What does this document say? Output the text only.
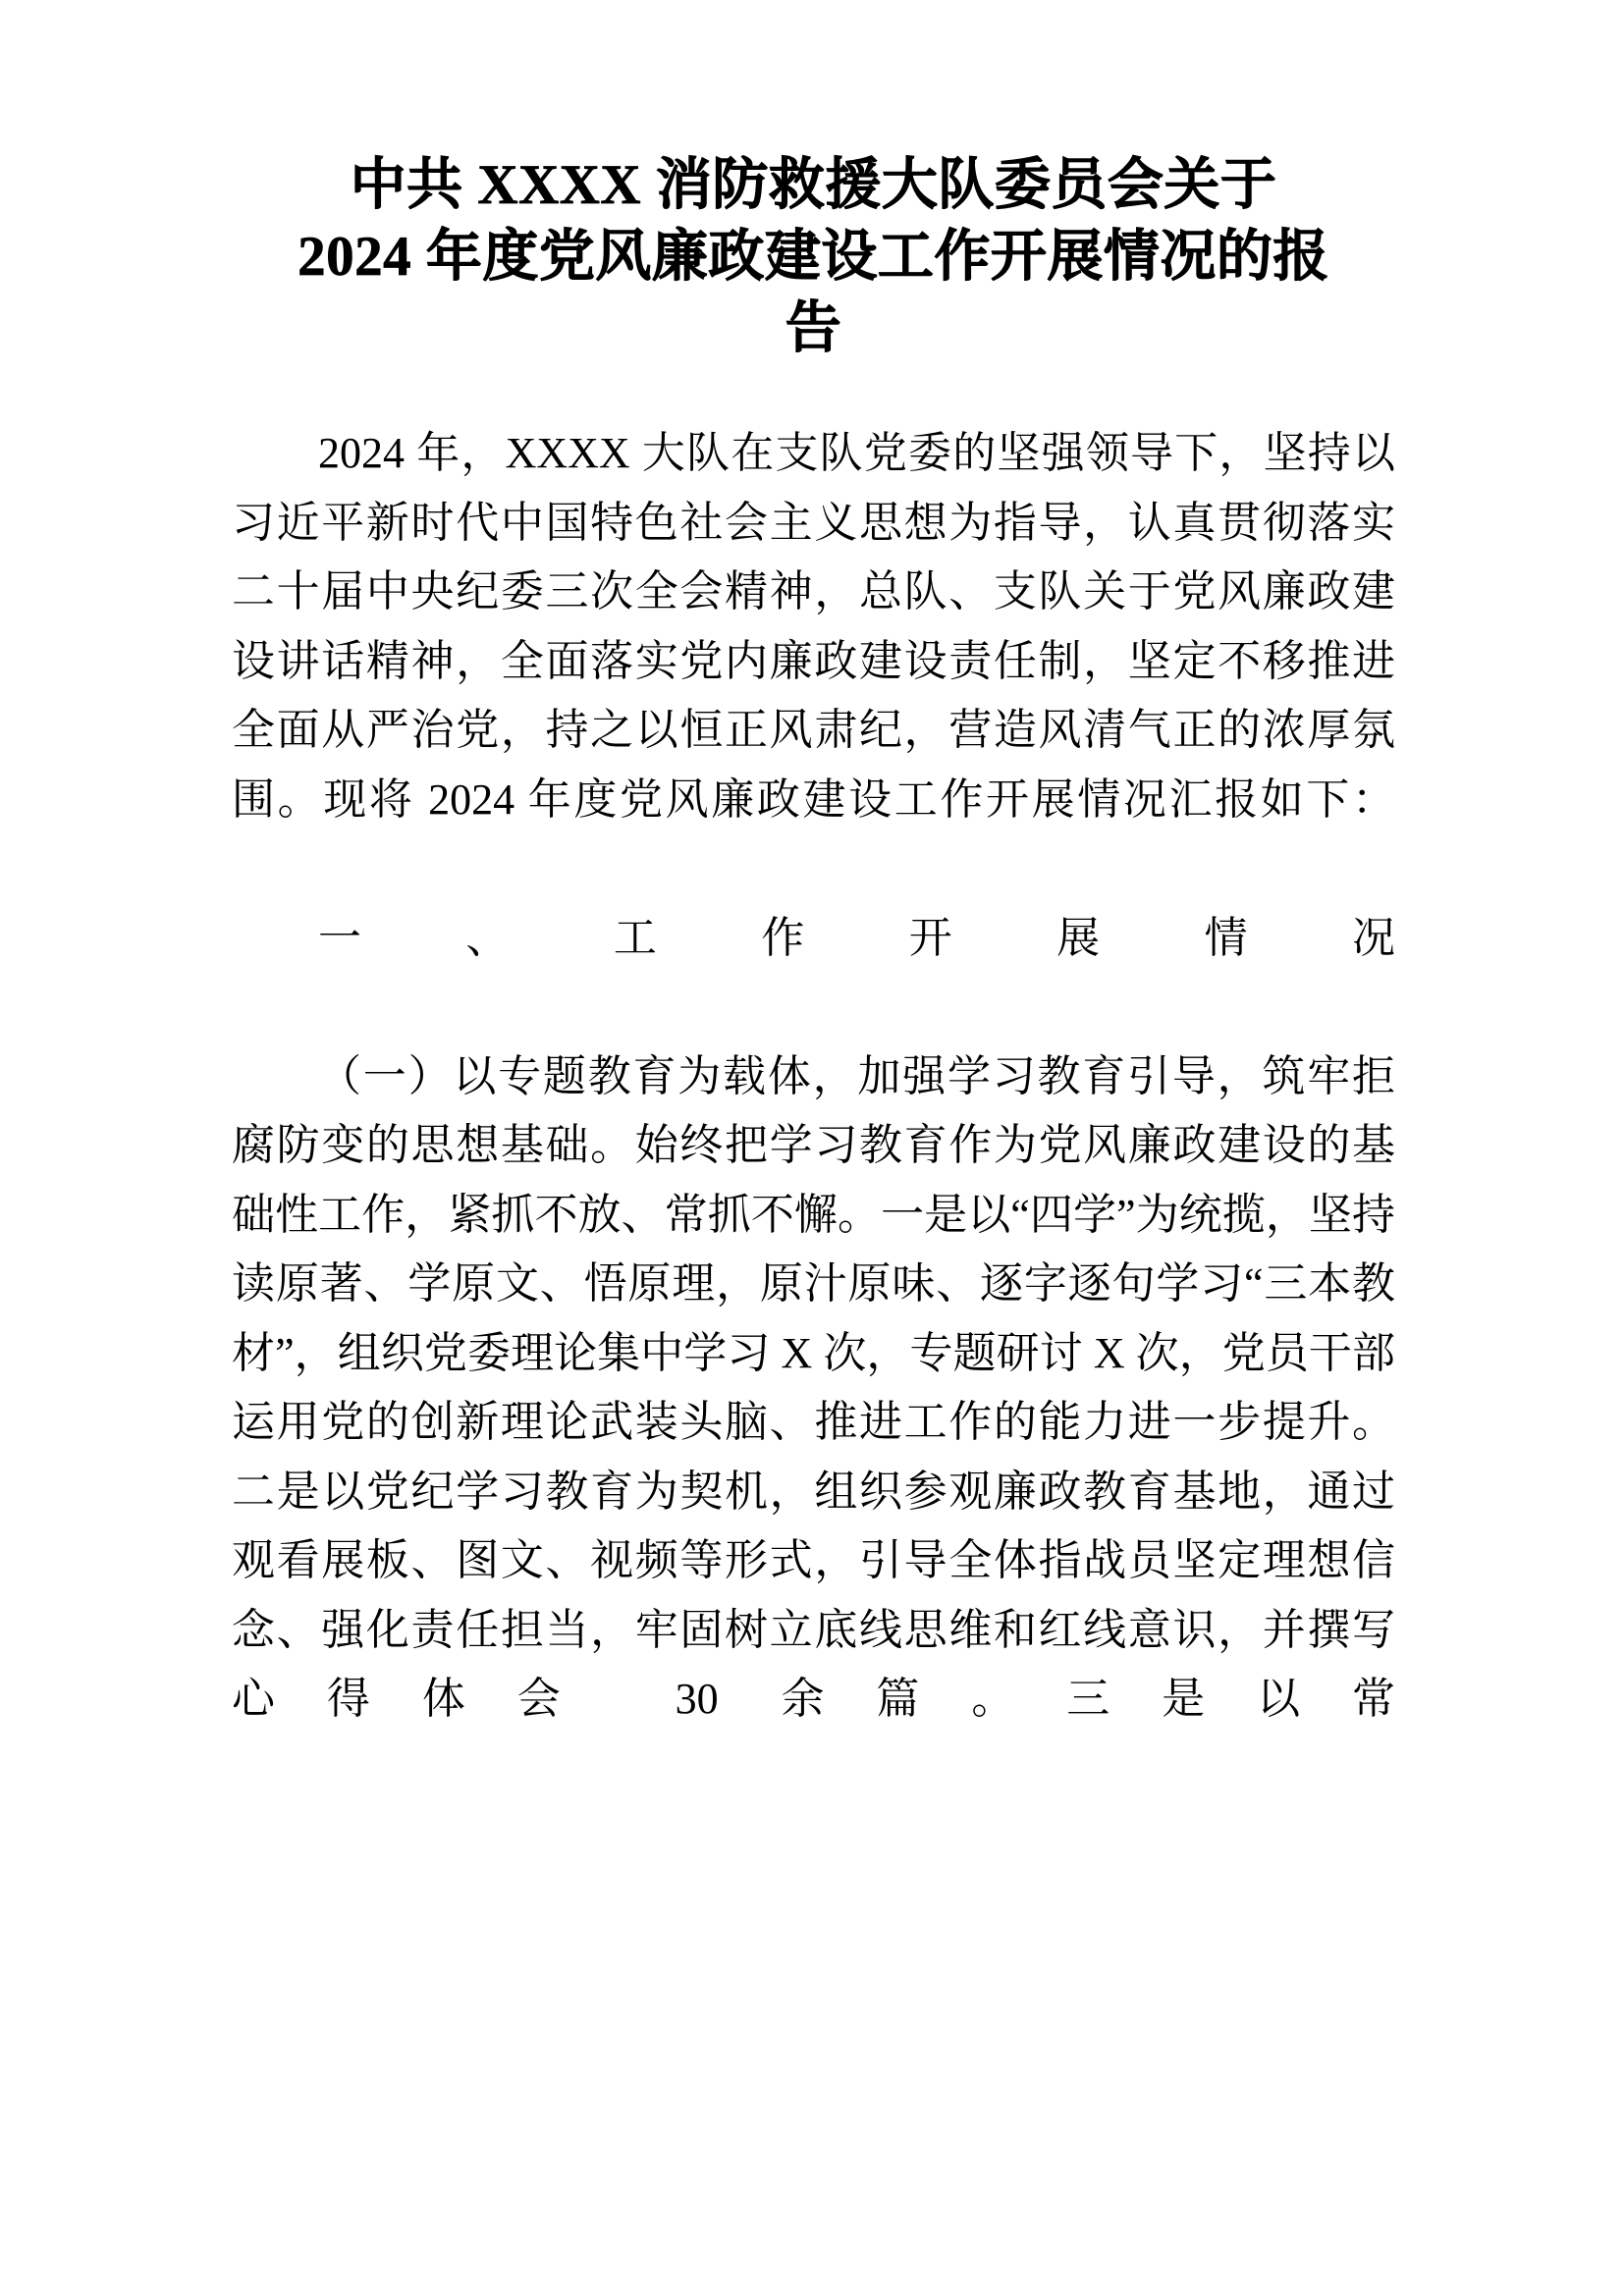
中共 XXXX 消防救援大队委员会关于
2024 年度党风廉政建设工作开展情况的报
告

2024 年，XXXX 大队在支队党委的坚强领导下，坚持以习近平新时代中国特色社会主义思想为指导，认真贯彻落实二十届中央纪委三次全会精神，总队、支队关于党风廉政建设讲话精神，全面落实党内廉政建设责任制，坚定不移推进全面从严治党，持之以恒正风肃纪，营造风清气正的浓厚氛围。现将 2024 年度党风廉政建设工作开展情况汇报如下：

一、工作开展情况

（一）以专题教育为载体，加强学习教育引导，筑牢拒腐防变的思想基础。始终把学习教育作为党风廉政建设的基础性工作，紧抓不放、常抓不懈。一是以“四学”为统揽，坚持读原著、学原文、悟原理，原汁原味、逐字逐句学习“三本教材”，组织党委理论集中学习 X 次，专题研讨 X 次，党员干部运用党的创新理论武装头脑、推进工作的能力进一步提升。二是以党纪学习教育为契机，组织参观廉政教育基地，通过观看展板、图文、视频等形式，引导全体指战员坚定理想信念、强化责任担当，牢固树立底线思维和红线意识，并撰写心得体会 30 余篇。三是以常
